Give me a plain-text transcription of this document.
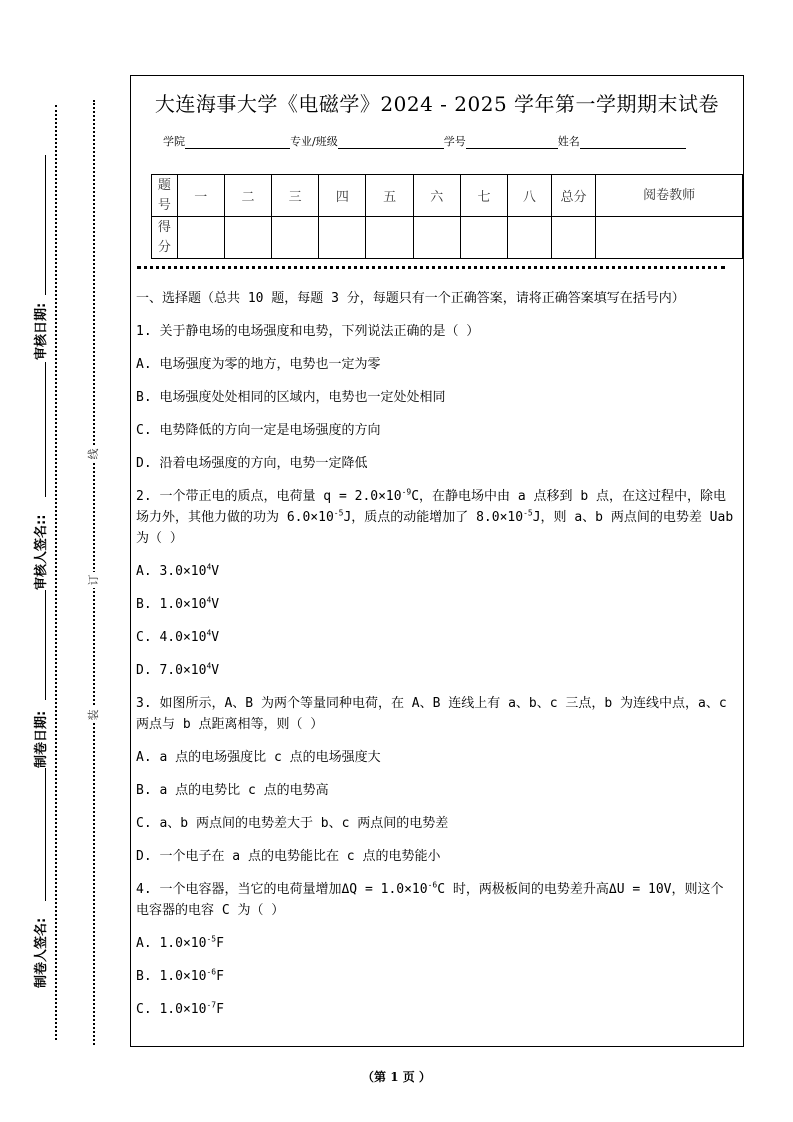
线
订
装
审核日期:
审核人签名::
制卷日期:
制卷人签名:
大连海事大学《电磁学》2024 - 2025 学年第一学期期末试卷
学院	专业/班级	学号	姓名
题号	一	二	三	四	五	六	七	八	总分	阅卷教师
得分										

一、选择题（总共 10 题，每题 3 分，每题只有一个正确答案，请将正确答案填写在括号内）

1. 关于静电场的电场强度和电势，下列说法正确的是（ ）

A. 电场强度为零的地方，电势也一定为零

B. 电场强度处处相同的区域内，电势也一定处处相同

C. 电势降低的方向一定是电场强度的方向

D. 沿着电场强度的方向，电势一定降低

2. 一个带正电的质点，电荷量 $q = 2.0\times 10^{-9}C$，在静电场中由 a 点移到 b 点，在这过程中，除电场力外，其他力做的功为 $6.0\times 10^{-5}J$，质点的动能增加了 $8.0\times 10^{-5}J$，则 a、b 两点间的电势差 Uab 为（ ）

A. $3.0\times 10^4V$

B. $1.0\times 10^4V$

C. $4.0\times 10^4V$

D. $7.0\times 10^4V$

3. 如图所示，A、B 为两个等量同种电荷，在 A、B 连线上有 a、b、c 三点，b 为连线中点，a、c 两点与 b 点距离相等，则（ ）

A. a 点的电场强度比 c 点的电场强度大

B. a 点的电势比 c 点的电势高

C. a、b 两点间的电势差大于 b、c 两点间的电势差

D. 一个电子在 a 点的电势能比在 c 点的电势能小

4. 一个电容器，当它的电荷量增加$\Delta Q = 1.0\times 10^{-6}C$ 时，两极板间的电势差升高ΔU = 10V，则这个电容器的电容 C 为（ ）

A. $1.0\times 10^{-5}F$

B. $1.0\times 10^{-6}F$

C. $1.0\times 10^{-7}F$

（第 1 页 ）
